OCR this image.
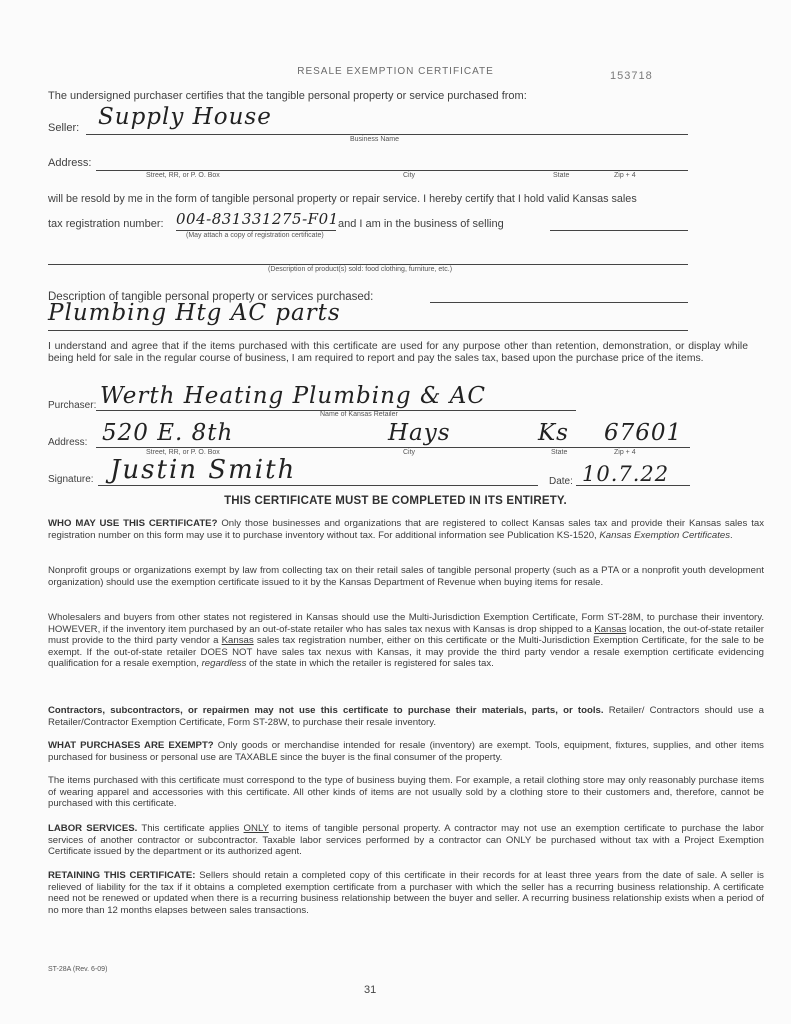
RESALE EXEMPTION CERTIFICATE	153718
The undersigned purchaser certifies that the tangible personal property or service purchased from:
Seller: Supply House
Business Name
Address:
Street, RR, or P. O. Box	City	State	Zip + 4
will be resold by me in the form of tangible personal property or repair service. I hereby certify that I hold valid Kansas sales
tax registration number: 004-831331275-F01
(May attach a copy of registration certificate)
and I am in the business of selling
(Description of product(s) sold: food clothing, furniture, etc.)
Description of tangible personal property or services purchased:
Plumbing Htg AC parts
I understand and agree that if the items purchased with this certificate are used for any purpose other than retention, demonstration, or display while being held for sale in the regular course of business, I am required to report and pay the sales tax, based upon the purchase price of the items.
Purchaser: Werth Heating Plumbing & AC
Name of Kansas Retailer
Address: 520 E. 8th	Hays	Ks 67601
Street, RR, or P. O. Box	City	State	Zip + 4
Signature: Justin Smith	Date: 10.7.22
THIS CERTIFICATE MUST BE COMPLETED IN ITS ENTIRETY.
WHO MAY USE THIS CERTIFICATE? Only those businesses and organizations that are registered to collect Kansas sales tax and provide their Kansas sales tax registration number on this form may use it to purchase inventory without tax. For additional information see Publication KS-1520, Kansas Exemption Certificates.
Nonprofit groups or organizations exempt by law from collecting tax on their retail sales of tangible personal property (such as a PTA or a nonprofit youth development organization) should use the exemption certificate issued to it by the Kansas Department of Revenue when buying items for resale.
Wholesalers and buyers from other states not registered in Kansas should use the Multi-Jurisdiction Exemption Certificate, Form ST-28M, to purchase their inventory. HOWEVER, if the inventory item purchased by an out-of-state retailer who has sales tax nexus with Kansas is drop shipped to a Kansas location, the out-of-state retailer must provide to the third party vendor a Kansas sales tax registration number, either on this certificate or the Multi-Jurisdiction Exemption Certificate, for the sale to be exempt. If the out-of-state retailer DOES NOT have sales tax nexus with Kansas, it may provide the third party vendor a resale exemption certificate evidencing qualification for a resale exemption, regardless of the state in which the retailer is registered for sales tax.
Contractors, subcontractors, or repairmen may not use this certificate to purchase their materials, parts, or tools. Retailer/ Contractors should use a Retailer/Contractor Exemption Certificate, Form ST-28W, to purchase their resale inventory.
WHAT PURCHASES ARE EXEMPT? Only goods or merchandise intended for resale (inventory) are exempt. Tools, equipment, fixtures, supplies, and other items purchased for business or personal use are TAXABLE since the buyer is the final consumer of the property.
The items purchased with this certificate must correspond to the type of business buying them. For example, a retail clothing store may only reasonably purchase items of wearing apparel and accessories with this certificate. All other kinds of items are not usually sold by a clothing store to their customers and, therefore, cannot be purchased with this certificate.
LABOR SERVICES. This certificate applies ONLY to items of tangible personal property. A contractor may not use an exemption certificate to purchase the labor services of another contractor or subcontractor. Taxable labor services performed by a contractor can ONLY be purchased without tax with a Project Exemption Certificate issued by the department or its authorized agent.
RETAINING THIS CERTIFICATE: Sellers should retain a completed copy of this certificate in their records for at least three years from the date of sale. A seller is relieved of liability for the tax if it obtains a completed exemption certificate from a purchaser with which the seller has a recurring business relationship. A certificate need not be renewed or updated when there is a recurring business relationship between the buyer and seller. A recurring business relationship exists when a period of no more than 12 months elapses between sales transactions.
ST-28A (Rev. 6-09)
31
